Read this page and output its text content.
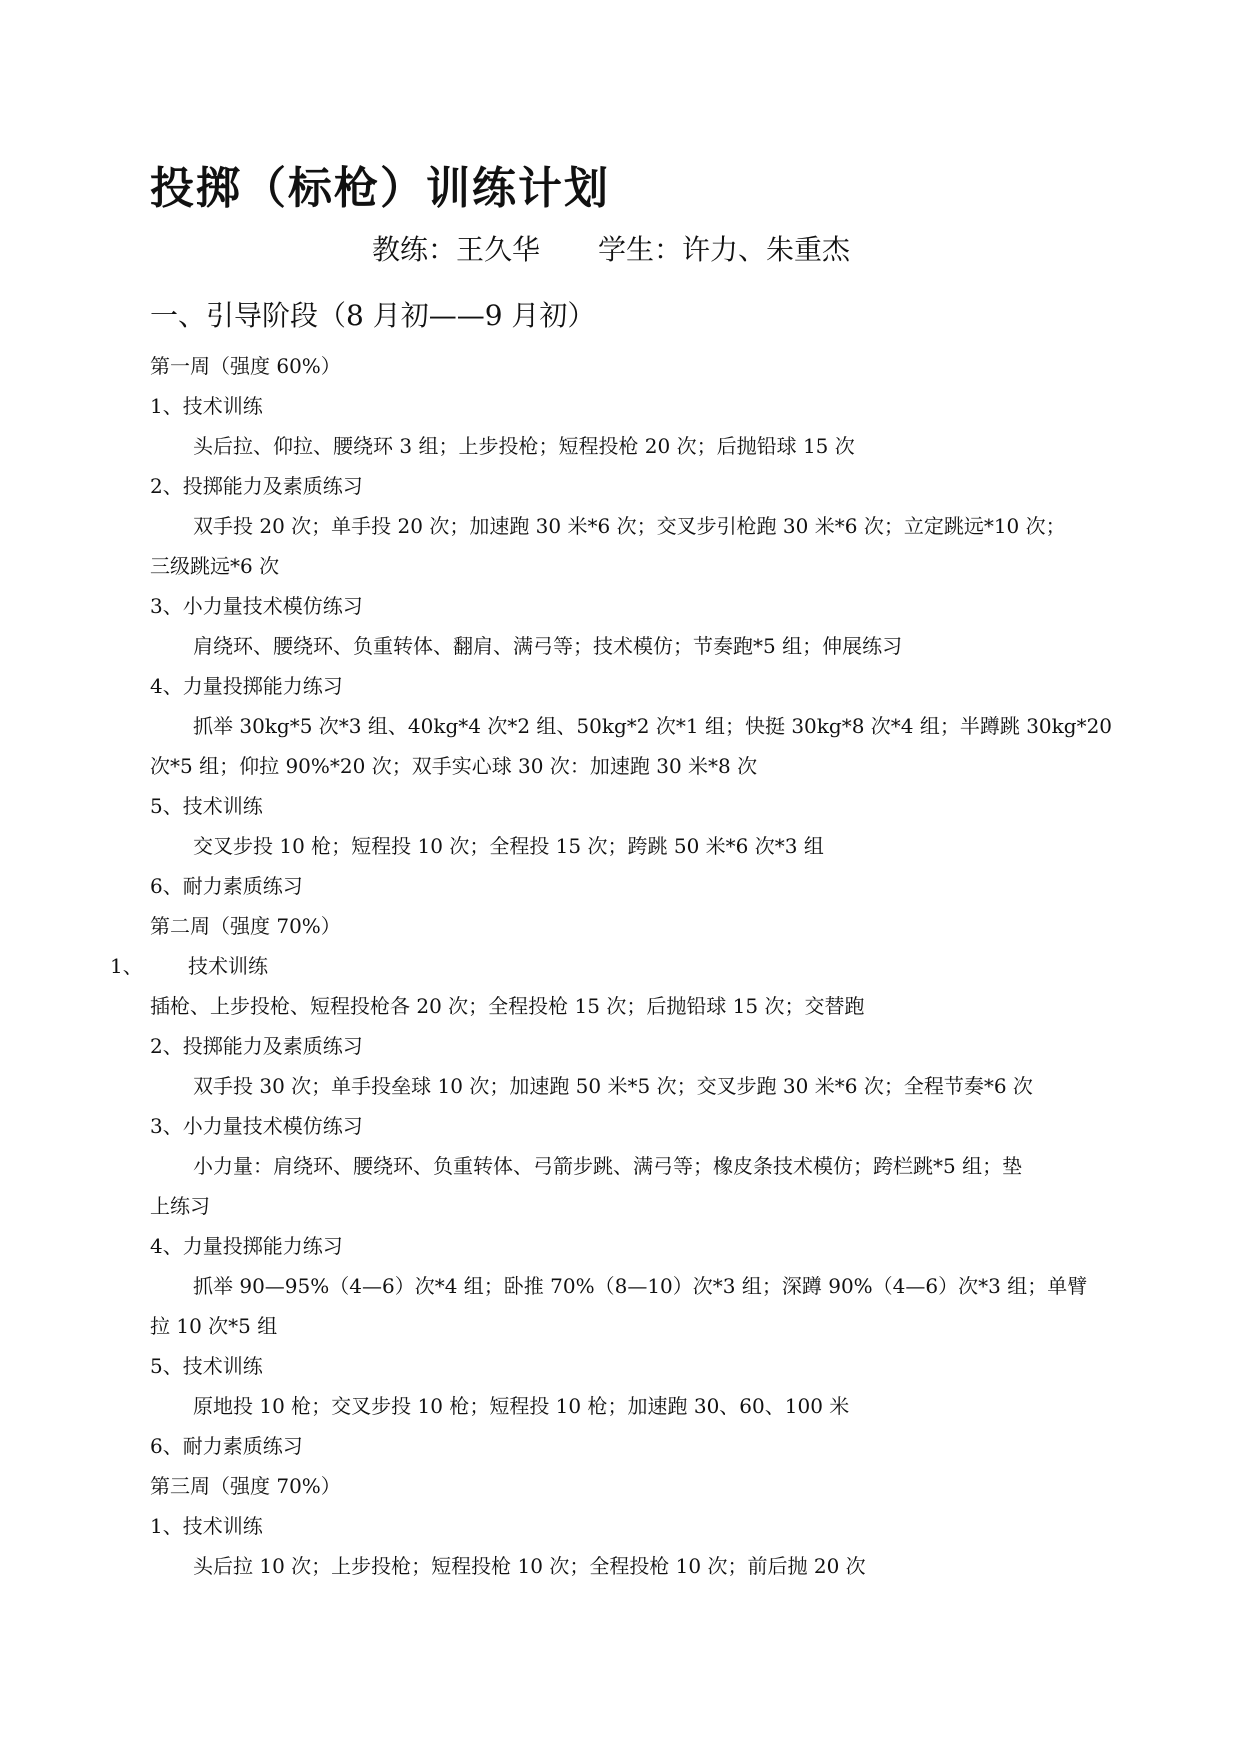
投掷（标枪）训练计划
教练：王久华 学生：许力、朱重杰
一、引导阶段（8 月初——9 月初）
第一周（强度 60%）
1、技术训练
头后拉、仰拉、腰绕环 3 组；上步投枪；短程投枪 20 次；后抛铅球 15 次
2、投掷能力及素质练习
双手投 20 次；单手投 20 次；加速跑 30 米*6 次；交叉步引枪跑 30 米*6 次；立定跳远*10 次；
三级跳远*6 次
3、小力量技术模仿练习
肩绕环、腰绕环、负重转体、翻肩、满弓等；技术模仿；节奏跑*5 组；伸展练习
4、力量投掷能力练习
抓举 30kg*5 次*3 组、40kg*4 次*2 组、50kg*2 次*1 组；快挺 30kg*8 次*4 组；半蹲跳 30kg*20
次*5 组；仰拉 90%*20 次；双手实心球 30 次：加速跑 30 米*8 次
5、技术训练
交叉步投 10 枪；短程投 10 次；全程投 15 次；跨跳 50 米*6 次*3 组
6、耐力素质练习
第二周（强度 70%）
1、 技术训练
插枪、上步投枪、短程投枪各 20 次；全程投枪 15 次；后抛铅球 15 次；交替跑
2、投掷能力及素质练习
双手投 30 次；单手投垒球 10 次；加速跑 50 米*5 次；交叉步跑 30 米*6 次；全程节奏*6 次
3、小力量技术模仿练习
小力量：肩绕环、腰绕环、负重转体、弓箭步跳、满弓等；橡皮条技术模仿；跨栏跳*5 组；垫
上练习
4、力量投掷能力练习
抓举 90—95%（4—6）次*4 组；卧推 70%（8—10）次*3 组；深蹲 90%（4—6）次*3 组；单臂
拉 10 次*5 组
5、技术训练
原地投 10 枪；交叉步投 10 枪；短程投 10 枪；加速跑 30、60、100 米
6、耐力素质练习
第三周（强度 70%）
1、技术训练
头后拉 10 次；上步投枪；短程投枪 10 次；全程投枪 10 次；前后抛 20 次
